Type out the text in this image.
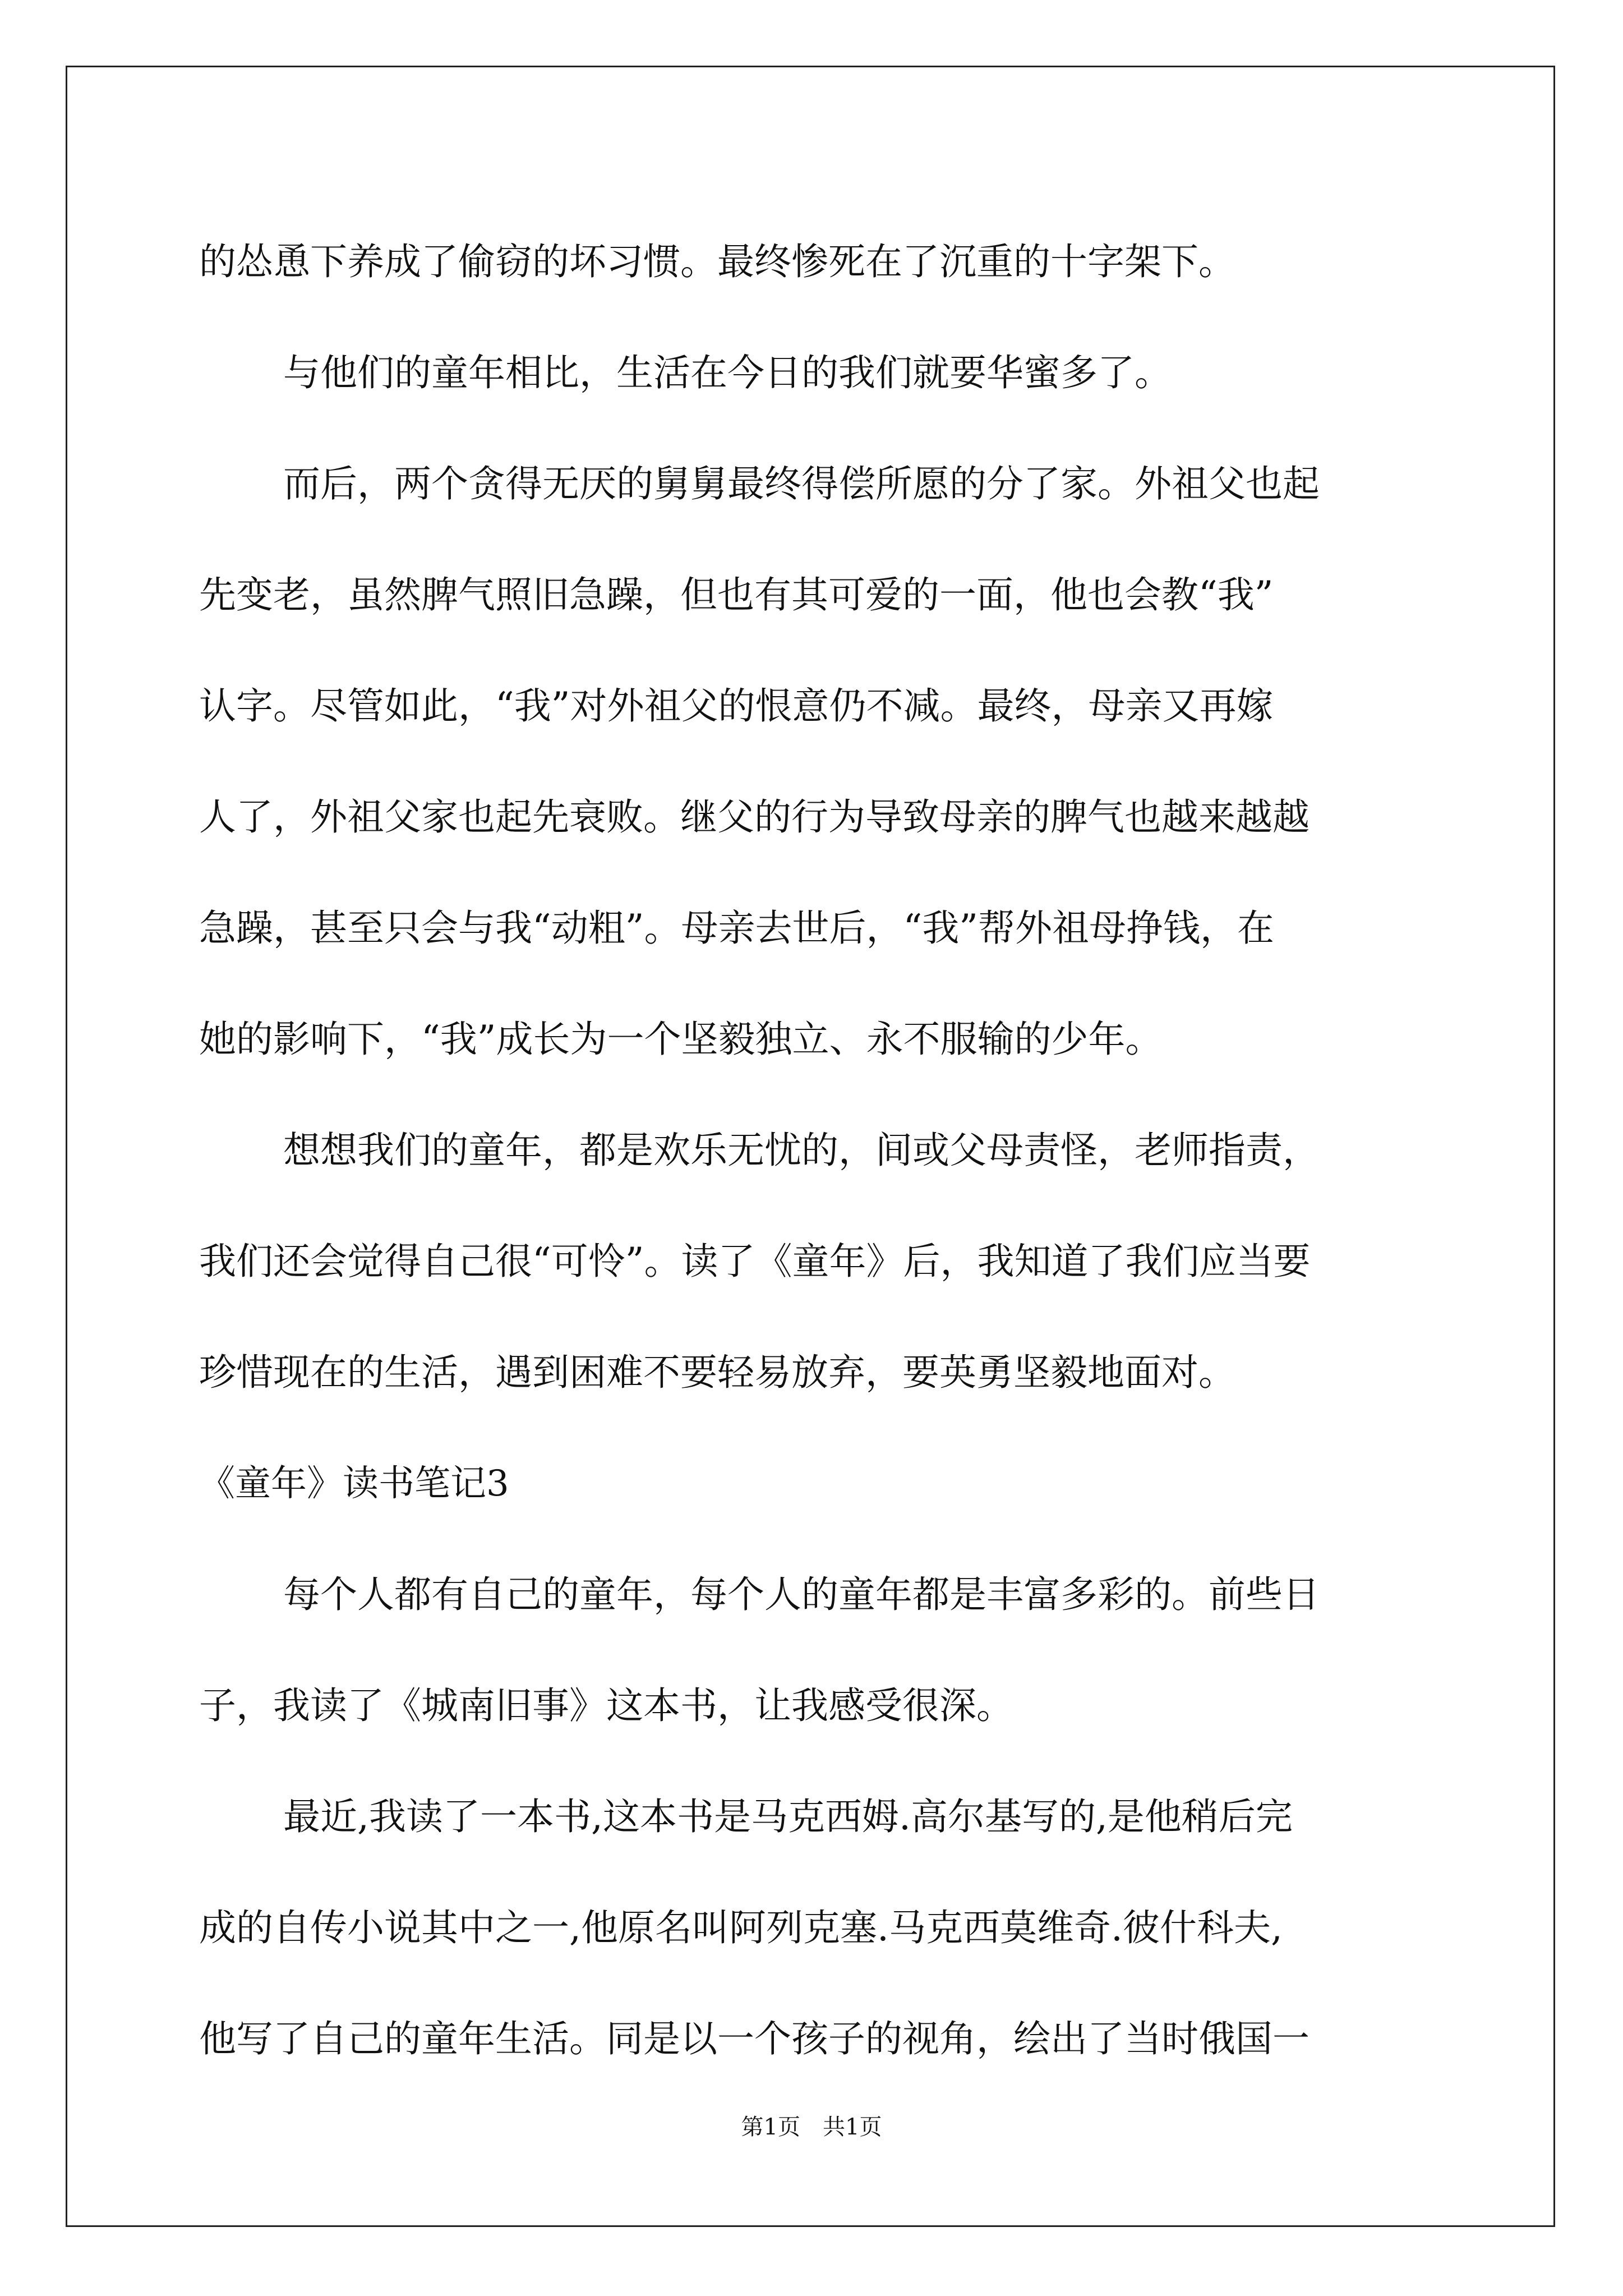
的怂恿下养成了偷窃的坏习惯。最终惨死在了沉重的十字架下。
与他们的童年相比，生活在今日的我们就要华蜜多了。
而后，两个贪得无厌的舅舅最终得偿所愿的分了家。外祖父也起
先变老，虽然脾气照旧急躁，但也有其可爱的一面，他也会教“我”
认字。尽管如此，“我”对外祖父的恨意仍不减。最终，母亲又再嫁
人了，外祖父家也起先衰败。继父的行为导致母亲的脾气也越来越越
急躁，甚至只会与我“动粗”。母亲去世后，“我”帮外祖母挣钱，在
她的影响下，“我”成长为一个坚毅独立、永不服输的少年。
想想我们的童年，都是欢乐无忧的，间或父母责怪，老师指责，
我们还会觉得自己很“可怜”。读了《童年》后，我知道了我们应当要
珍惜现在的生活，遇到困难不要轻易放弃，要英勇坚毅地面对。
《童年》读书笔记3
每个人都有自己的童年，每个人的童年都是丰富多彩的。前些日
子，我读了《城南旧事》这本书，让我感受很深。
最近,我读了一本书,这本书是马克西姆.高尔基写的,是他稍后完
成的自传小说其中之一,他原名叫阿列克塞.马克西莫维奇.彼什科夫,
他写了自己的童年生活。同是以一个孩子的视角，绘出了当时俄国一
第1页　共1页
